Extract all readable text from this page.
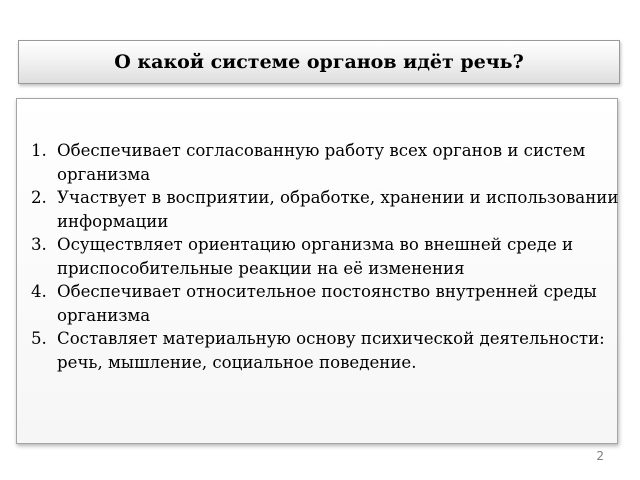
О какой системе органов идёт речь?
1. Обеспечивает согласованную работу всех органов и систем организма
2. Участвует в восприятии, обработке, хранении и использовании информации
3. Осуществляет ориентацию организма во внешней среде и приспособительные реакции на её изменения
4. Обеспечивает относительное постоянство внутренней среды организма
5. Составляет материальную основу психической деятельности: речь, мышление, социальное поведение.
2
